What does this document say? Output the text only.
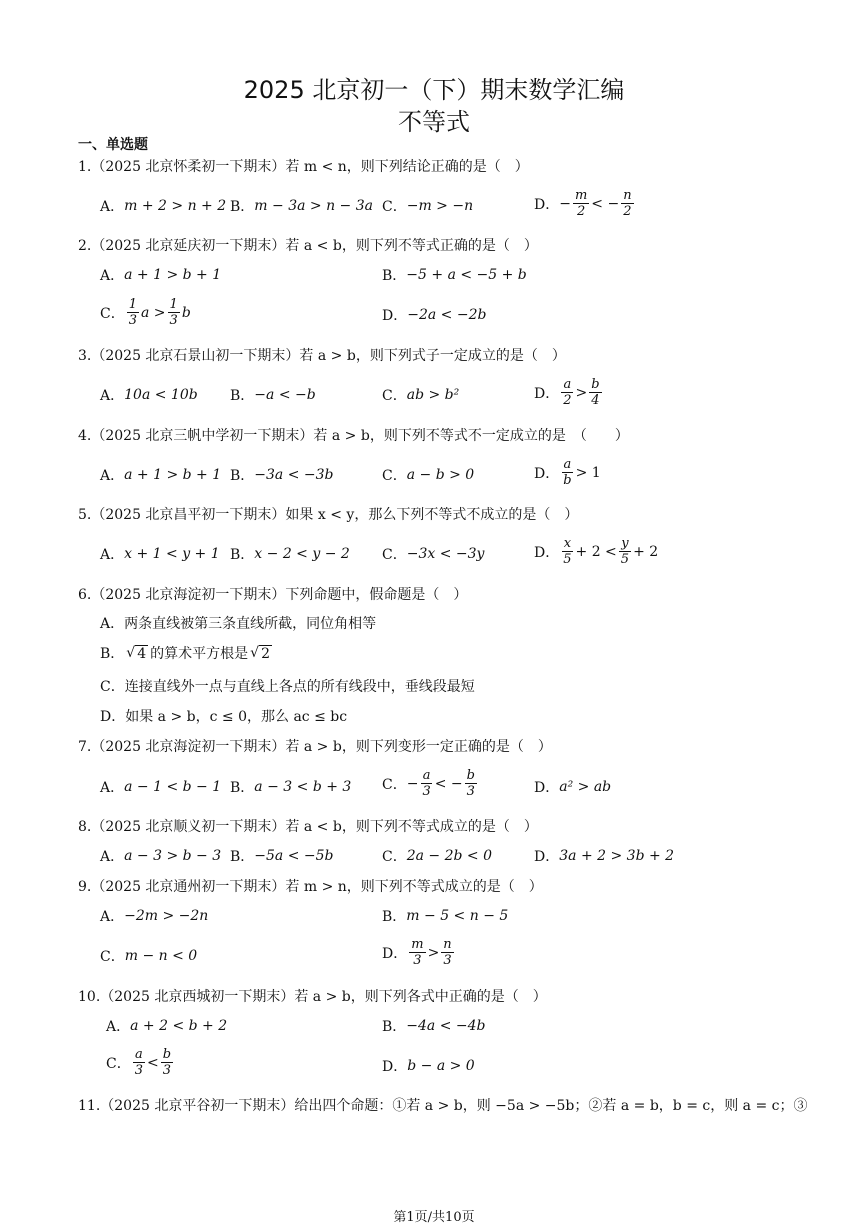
2025 北京初一（下）期末数学汇编
不等式
一、单选题
1.（2025 北京怀柔初一下期末）若 m < n，则下列结论正确的是（　）
A． m + 2 > n + 2 B． m − 3a > n − 3a C． −m > −n	D． − $\frac{m}{2}$ < − $\frac{n}{2}$
2.（2025 北京延庆初一下期末）若 a < b，则下列不等式正确的是（　）
A． a + 1 > b + 1	B． −5 + a < −5 + b
C． $\frac{1}{3}$ $a > \frac{1}{3}$ b	D． −2a < −2b
3.（2025 北京石景山初一下期末）若 a > b，则下列式子一定成立的是（　）
A． 10a < 10b B． −a < −b	C． ab > b²	D． $\frac{a}{2} > \frac{b}{4}$
4.（2025 北京三帆中学初一下期末）若 a > b，则下列不等式不一定成立的是　（　　）
A． a + 1 > b + 1 B． −3a < −3b	C． a − b > 0	D． $\frac{a}{b} > 1$
5.（2025 北京昌平初一下期末）如果 x < y，那么下列不等式不成立的是（　）
A． x + 1 < y + 1 B． x − 2 < y − 2 C． −3x < −3y	D． $\frac{x}{5} + 2 < \frac{y}{5} + 2$
6.（2025 北京海淀初一下期末）下列命题中，假命题是（　）
A．两条直线被第三条直线所截，同位角相等
B． √ 4 的算术平方根是 √ 2
C．连接直线外一点与直线上各点的所有线段中，垂线段最短
D．如果 a > b，c ≤ 0，那么 ac ≤ bc
7.（2025 北京海淀初一下期末）若 a > b，则下列变形一定正确的是（　）
A． a − 1 < b − 1 B． a − 3 < b + 3 C． − $\frac{a}{3}$ < − $\frac{b}{3}$	D． a² > ab
8.（2025 北京顺义初一下期末）若 a < b，则下列不等式成立的是（　）
A． a − 3 > b − 3 B． −5a < −5b	C． 2a − 2b < 0	D． 3a + 2 > 3b + 2
9.（2025 北京通州初一下期末）若 m > n，则下列不等式成立的是（　）
A． −2m > −2n	B． m − 5 < n − 5
C． m − n < 0	D． $\frac{m}{3} > \frac{n}{3}$
10.（2025 北京西城初一下期末）若 a > b，则下列各式中正确的是（　）
A． a + 2 < b + 2	B． −4a < −4b
C． $\frac{a}{3} < \frac{b}{3}$	D． b − a > 0
11.（2025 北京平谷初一下期末）给出四个命题：①若 a > b，则 −5a > −5b；②若 a = b，b = c，则 a = c；③
第1页/共10页
